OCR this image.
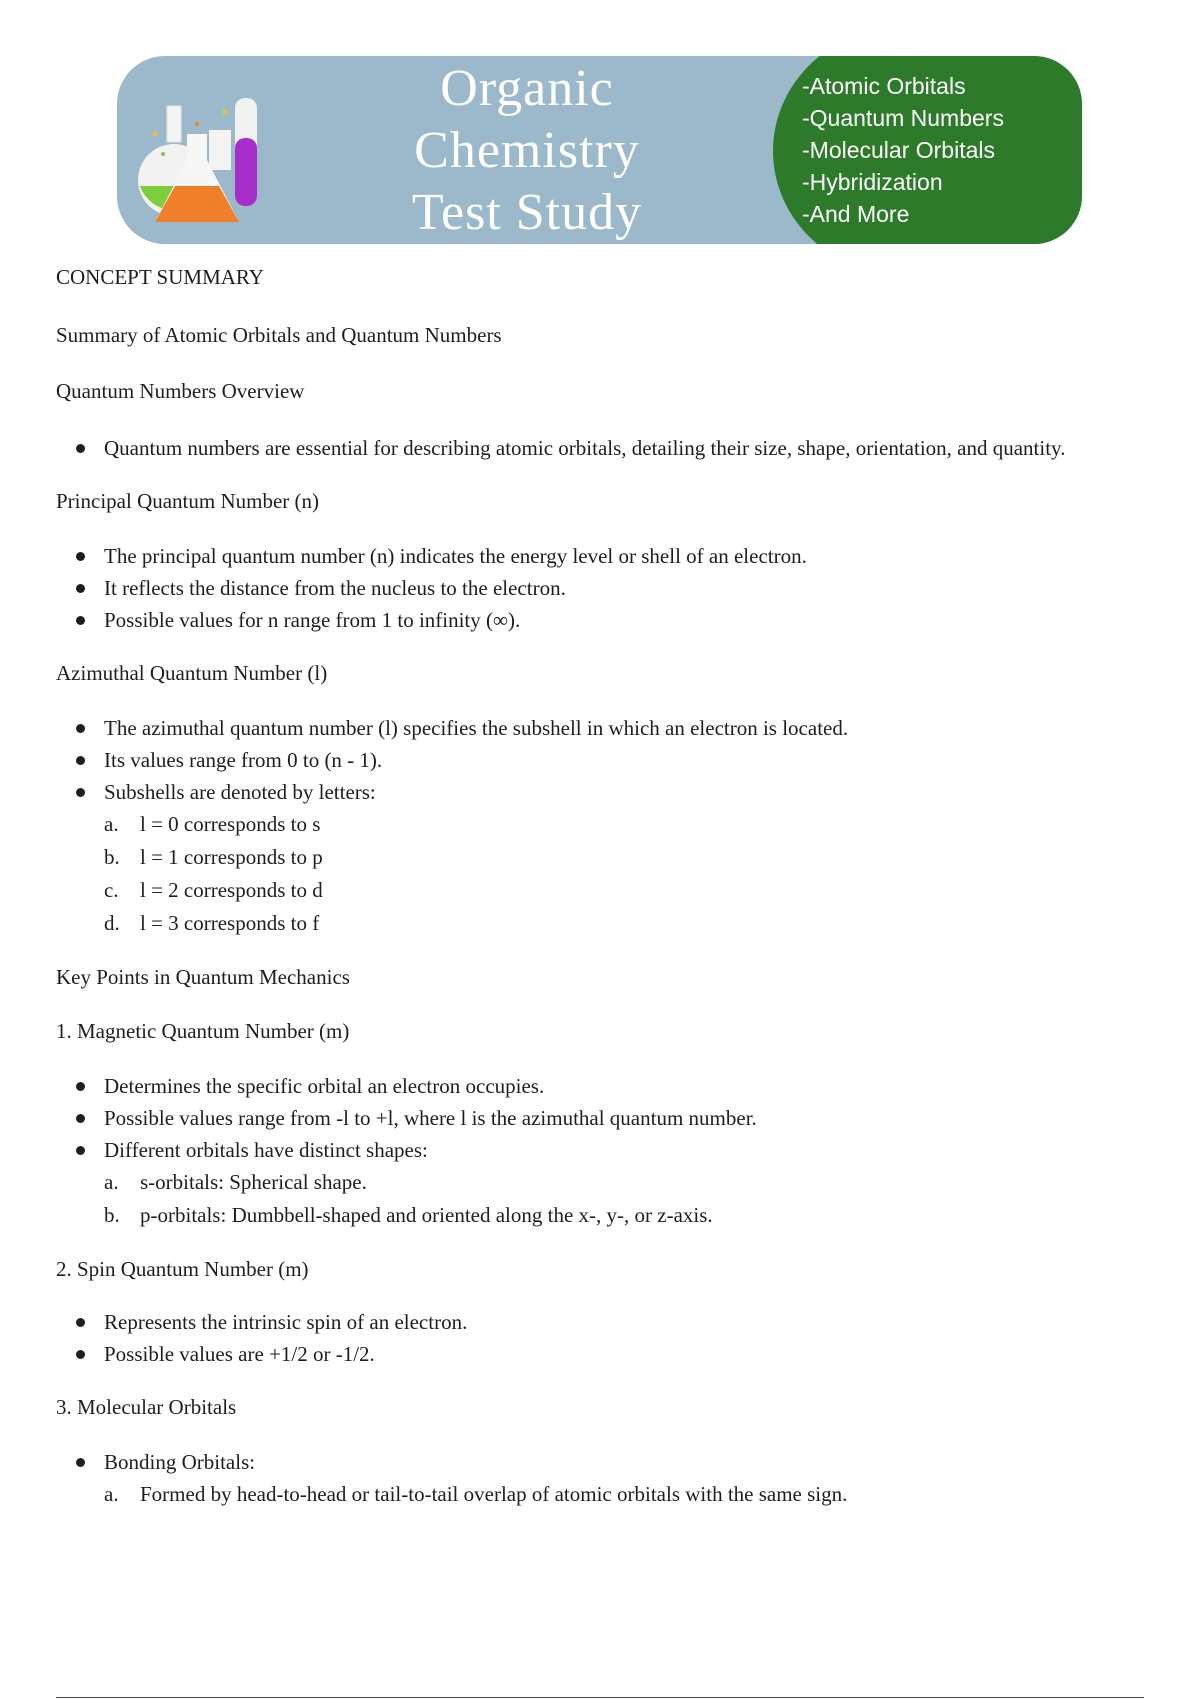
Organic Chemistry
Test Study
-Atomic Orbitals
-Quantum Numbers
-Molecular Orbitals
-Hybridization
-And More

CONCEPT SUMMARY

Summary of Atomic Orbitals and Quantum Numbers

Quantum Numbers Overview

Quantum numbers are essential for describing atomic orbitals, detailing their size, shape, orientation, and quantity.

Principal Quantum Number (n)

The principal quantum number (n) indicates the energy level or shell of an electron.
It reflects the distance from the nucleus to the electron.
Possible values for n range from 1 to infinity (∞).

Azimuthal Quantum Number (l)

The azimuthal quantum number (l) specifies the subshell in which an electron is located.
Its values range from 0 to (n - 1).
Subshells are denoted by letters:
a. l = 0 corresponds to s
b. l = 1 corresponds to p
c. l = 2 corresponds to d
d. l = 3 corresponds to f

Key Points in Quantum Mechanics

1. Magnetic Quantum Number (m)

Determines the specific orbital an electron occupies.
Possible values range from -l to +l, where l is the azimuthal quantum number.
Different orbitals have distinct shapes:
a. s-orbitals: Spherical shape.
b. p-orbitals: Dumbbell-shaped and oriented along the x-, y-, or z-axis.

2. Spin Quantum Number (m)

Represents the intrinsic spin of an electron.
Possible values are +1/2 or -1/2.

3. Molecular Orbitals

Bonding Orbitals:
a. Formed by head-to-head or tail-to-tail overlap of atomic orbitals with the same sign.
